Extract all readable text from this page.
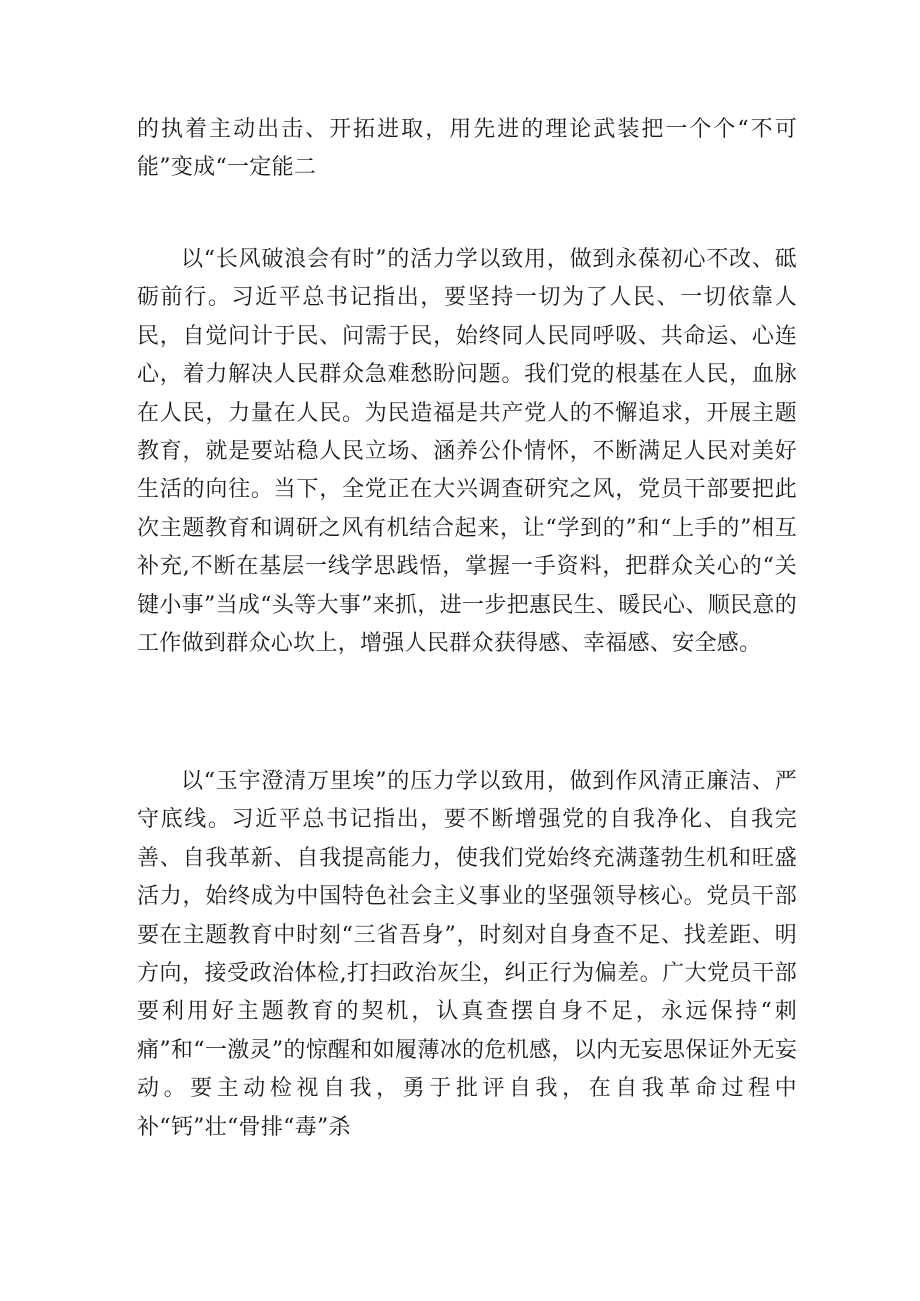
的执着主动出击、开拓进取，用先进的理论武装把一个个“不可能”变成“一定能二

以“长风破浪会有时”的活力学以致用，做到永葆初心不改、砥砺前行。习近平总书记指出，要坚持一切为了人民、一切依靠人民，自觉问计于民、问需于民，始终同人民同呼吸、共命运、心连心，着力解决人民群众急难愁盼问题。我们党的根基在人民，血脉在人民，力量在人民。为民造福是共产党人的不懈追求，开展主题教育，就是要站稳人民立场、涵养公仆情怀，不断满足人民对美好生活的向往。当下，全党正在大兴调查研究之风，党员干部要把此次主题教育和调研之风有机结合起来，让“学到的”和“上手的”相互补充,不断在基层一线学思践悟，掌握一手资料，把群众关心的“关键小事”当成“头等大事”来抓，进一步把惠民生、暖民心、顺民意的工作做到群众心坎上，增强人民群众获得感、幸福感、安全感。

以“玉宇澄清万里埃”的压力学以致用，做到作风清正廉洁、严守底线。习近平总书记指出，要不断增强党的自我净化、自我完善、自我革新、自我提高能力，使我们党始终充满蓬勃生机和旺盛活力，始终成为中国特色社会主义事业的坚强领导核心。党员干部要在主题教育中时刻“三省吾身”，时刻对自身查不足、找差距、明方向，接受政治体检,打扫政治灰尘，纠正行为偏差。广大党员干部要利用好主题教育的契机，认真查摆自身不足，永远保持“刺痛”和“一激灵”的惊醒和如履薄冰的危机感，以内无妄思保证外无妄动。要主动检视自我，勇于批评自我，在自我革命过程中补“钙”壮“骨排“毒”杀
